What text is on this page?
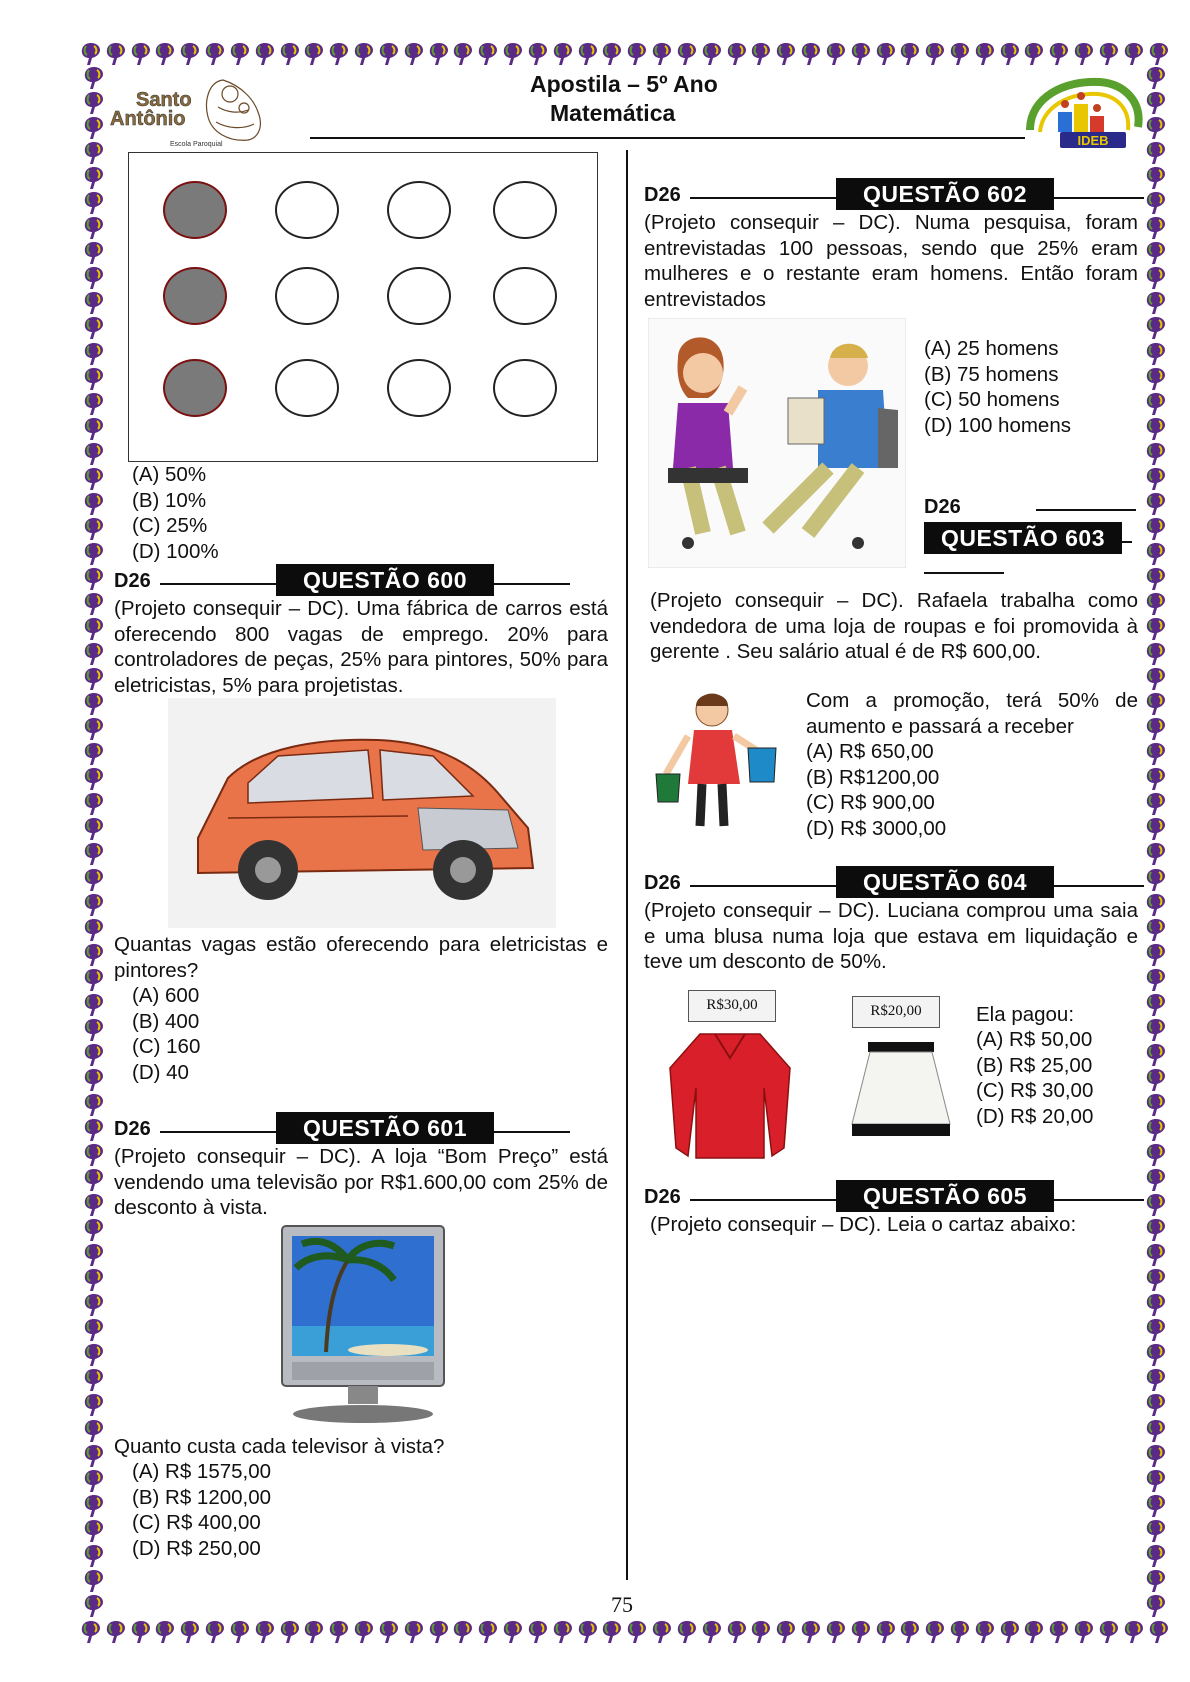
Santo
Antônio
Escola Paroquial
Apostila – 5º Ano
Matemática
IDEB
(A) 50%
(B) 10%
(C) 25%
(D) 100%
D26	QUESTÃO 600
(Projeto consequir – DC). Uma fábrica de carros está oferecendo 800 vagas de emprego. 20% para controladores de peças, 25% para pintores, 50% para eletricistas, 5% para projetistas.
Quantas vagas estão oferecendo para eletricistas e pintores?
(A) 600
(B) 400
(C) 160
(D) 40
D26	QUESTÃO 601
(Projeto consequir – DC). A loja “Bom Preço” está vendendo uma televisão por R$1.600,00 com 25% de desconto à vista.
Quanto custa cada televisor à vista?
(A) R$ 1575,00
(B) R$ 1200,00
(C) R$ 400,00
(D) R$ 250,00
D26	QUESTÃO 602
(Projeto consequir – DC). Numa pesquisa, foram entrevistadas 100 pessoas, sendo que 25% eram mulheres e o restante eram homens. Então foram entrevistados
(A) 25 homens
(B) 75 homens
(C) 50 homens
(D) 100 homens
D26
QUESTÃO 603
(Projeto consequir – DC). Rafaela trabalha como vendedora de uma loja de roupas e foi promovida à gerente . Seu salário atual é de R$ 600,00.
Com a promoção, terá 50% de aumento e passará a receber
(A) R$ 650,00
(B) R$1200,00
(C) R$ 900,00
(D) R$ 3000,00
D26	QUESTÃO 604
(Projeto consequir – DC). Luciana comprou uma saia e uma blusa numa loja que estava em liquidação e teve um desconto de 50%.
R$30,00	R$20,00	Ela pagou:
(A) R$ 50,00
(B) R$ 25,00
(C) R$ 30,00
(D) R$ 20,00
D26	QUESTÃO 605
(Projeto consequir – DC). Leia o cartaz abaixo:
75
